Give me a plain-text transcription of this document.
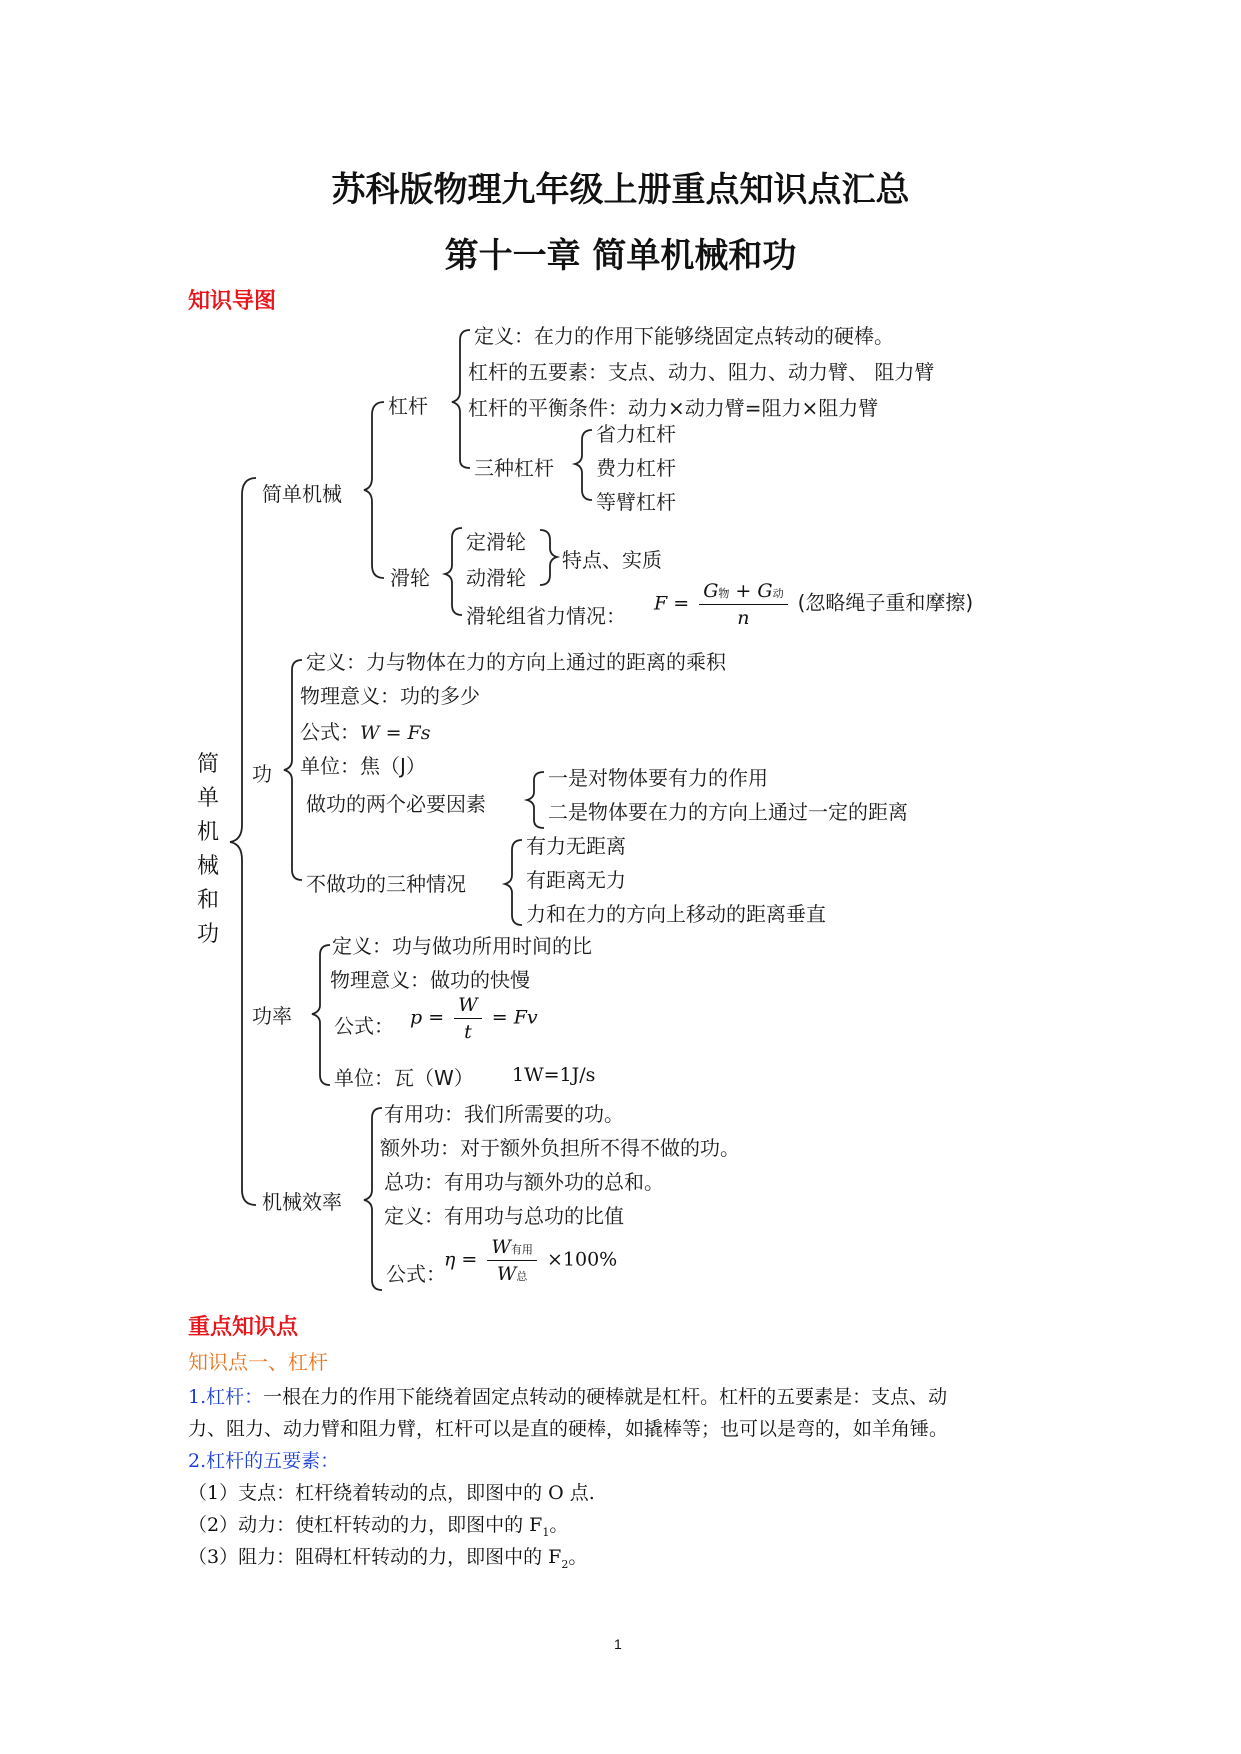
苏科版物理九年级上册重点知识点汇总
第十一章 简单机械和功
知识导图
简
单
机
械
和
功
简单机械
杠杆
定义：在力的作用下能够绕固定点转动的硬棒。
杠杆的五要素：支点、动力、阻力、动力臂、 阻力臂
杠杆的平衡条件：动力×动力臂=阻力×阻力臂
三种杠杆
省力杠杆
费力杠杆
等臂杠杆
滑轮
定滑轮
动滑轮
特点、实质
滑轮组省力情况：
$F = \frac{\text{G物 + G动}}{n}$ (忽略绳子重和摩擦)
功
定义：力与物体在力的方向上通过的距离的乘积
物理意义：功的多少
公式：W = Fs
单位：焦（J）
做功的两个必要因素
一是对物体要有力的作用
二是物体要在力的方向上通过一定的距离
不做功的三种情况
有力无距离
有距离无力
力和在力的方向上移动的距离垂直
功率
定义：功与做功所用时间的比
物理意义：做功的快慢
公式： $p = \frac{W}{t} = Fv$
单位：瓦（W） 1W=1J/s
机械效率
有用功：我们所需要的功。
额外功：对于额外负担所不得不做的功。
总功：有用功与额外功的总和。
定义：有用功与总功的比值
公式：
$\eta = \frac{\text{W有用}}{\text{W总}} \times 100\%$
重点知识点
知识点一、杠杆
1.杠杆：一根在力的作用下能绕着固定点转动的硬棒就是杠杆。杠杆的五要素是：支点、动
力、阻力、动力臂和阻力臂，杠杆可以是直的硬棒，如撬棒等；也可以是弯的，如羊角锤。
2.杠杆的五要素：
（1）支点：杠杆绕着转动的点，即图中的 O 点.
（2）动力：使杠杆转动的力，即图中的 $F_1$。
（3）阻力：阻碍杠杆转动的力，即图中的 $F_2$。
1
